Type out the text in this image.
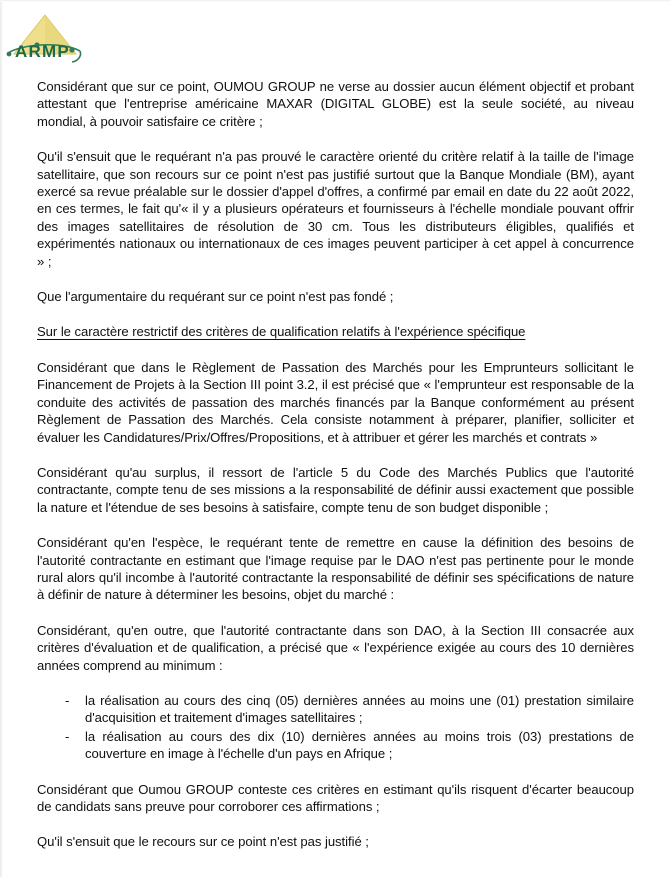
ARMP

Considérant que sur ce point, OUMOU GROUP ne verse au dossier aucun élément objectif et probant attestant que l'entreprise américaine MAXAR (DIGITAL GLOBE) est la seule société, au niveau mondial, à pouvoir satisfaire ce critère ;

Qu'il s'ensuit que le requérant n'a pas prouvé le caractère orienté du critère relatif à la taille de l'image satellitaire, que son recours sur ce point n'est pas justifié surtout que la Banque Mondiale (BM), ayant exercé sa revue préalable sur le dossier d'appel d'offres, a confirmé par email en date du 22 août 2022, en ces termes, le fait qu'« il y a plusieurs opérateurs et fournisseurs à l'échelle mondiale pouvant offrir des images satellitaires de résolution de 30 cm. Tous les distributeurs éligibles, qualifiés et expérimentés nationaux ou internationaux de ces images peuvent participer à cet appel à concurrence » ;

Que l'argumentaire du requérant sur ce point n'est pas fondé ;

Sur le caractère restrictif des critères de qualification relatifs à l'expérience spécifique

Considérant que dans le Règlement de Passation des Marchés pour les Emprunteurs sollicitant le Financement de Projets à la Section III point 3.2, il est précisé que « l'emprunteur est responsable de la conduite des activités de passation des marchés financés par la Banque conformément au présent Règlement de Passation des Marchés. Cela consiste notamment à préparer, planifier, solliciter et évaluer les Candidatures/Prix/Offres/Propositions, et à attribuer et gérer les marchés et contrats »

Considérant qu'au surplus, il ressort de l'article 5 du Code des Marchés Publics que l'autorité contractante, compte tenu de ses missions a la responsabilité de définir aussi exactement que possible la nature et l'étendue de ses besoins à satisfaire, compte tenu de son budget disponible ;

Considérant qu'en l'espèce, le requérant tente de remettre en cause la définition des besoins de l'autorité contractante en estimant que l'image requise par le DAO n'est pas pertinente pour le monde rural alors qu'il incombe à l'autorité contractante la responsabilité de définir ses spécifications de nature à définir de nature à déterminer les besoins, objet du marché :

Considérant, qu'en outre, que l'autorité contractante dans son DAO, à la Section III consacrée aux critères d'évaluation et de qualification, a précisé que « l'expérience exigée au cours des 10 dernières années comprend au minimum :

- la réalisation au cours des cinq (05) dernières années au moins une (01) prestation similaire d'acquisition et traitement d'images satellitaires ;
- la réalisation au cours des dix (10) dernières années au moins trois (03) prestations de couverture en image à l'échelle d'un pays en Afrique ;

Considérant que Oumou GROUP conteste ces critères en estimant qu'ils risquent d'écarter beaucoup de candidats sans preuve pour corroborer ces affirmations ;

Qu'il s'ensuit que le recours sur ce point n'est pas justifié ;
